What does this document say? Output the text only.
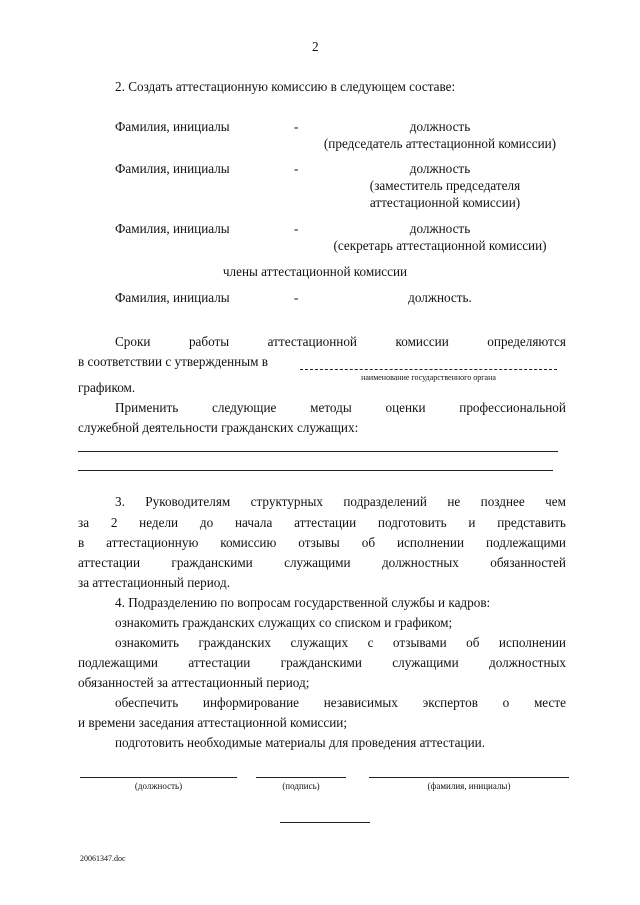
2
2. Создать аттестационную комиссию в следующем составе:
Фамилия, инициалы	-	должность
(председатель аттестационной комиссии)
Фамилия, инициалы	-	должность
(заместитель председателя
аттестационной комиссии)
Фамилия, инициалы	-	должность
(секретарь аттестационной комиссии)
члены аттестационной комиссии
Фамилия, инициалы	-	должность.
Сроки	работы	аттестационной	комиссии	определяются
в соответствии с утвержденным в
наименование государственного органа
графиком.
Применить	следующие	методы	оценки	профессиональной
служебной деятельности гражданских служащих:
3. Руководителям структурных подразделений не позднее чем
за 2 недели до начала аттестации подготовить и представить
в аттестационную комиссию отзывы об исполнении подлежащими
аттестации гражданскими служащими должностных обязанностей
за аттестационный период.
4. Подразделению по вопросам государственной службы и кадров:
ознакомить гражданских служащих со списком и графиком;
ознакомить гражданских служащих с отзывами об исполнении
подлежащими аттестации гражданскими служащими должностных
обязанностей за аттестационный период;
обеспечить информирование независимых экспертов о месте
и времени заседания аттестационной комиссии;
подготовить необходимые материалы для проведения аттестации.
(должность)	(подпись)	(фамилия, инициалы)
20061347.doc
